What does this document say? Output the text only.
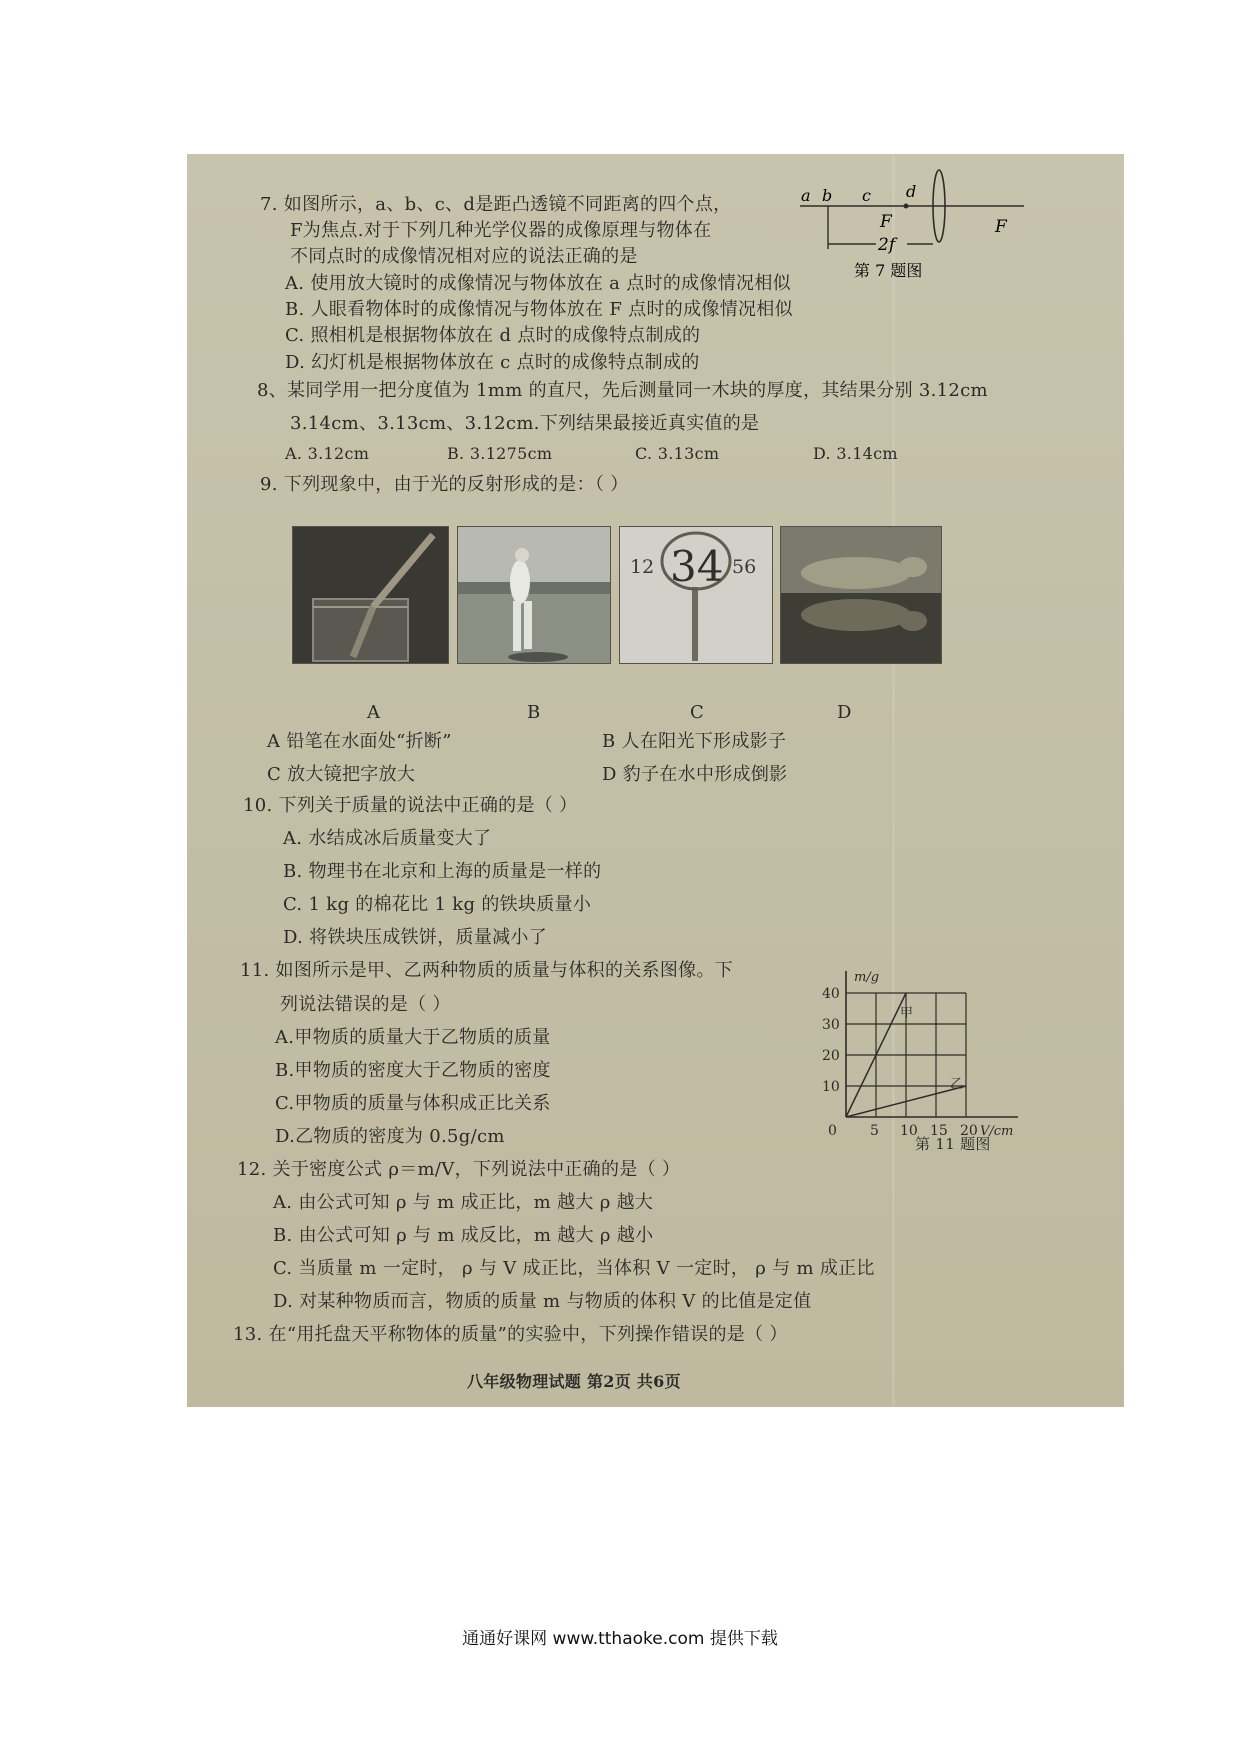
7. 如图所示，a、b、c、d是距凸透镜不同距离的四个点，
F为焦点.对于下列几种光学仪器的成像原理与物体在
不同点时的成像情况相对应的说法正确的是
A. 使用放大镜时的成像情况与物体放在 a 点时的成像情况相似
B. 人眼看物体时的成像情况与物体放在 F 点时的成像情况相似
C. 照相机是根据物体放在 d 点时的成像特点制成的
D. 幻灯机是根据物体放在 c 点时的成像特点制成的
a b c d
F	F
2f
第 7 题图
8、某同学用一把分度值为 1mm 的直尺，先后测量同一木块的厚度，其结果分别 3.12cm
3.14cm、3.13cm、3.12cm.下列结果最接近真实值的是
A. 3.12cm	B. 3.1275cm	C. 3.13cm	D. 3.14cm
9. 下列现象中，由于光的反射形成的是：（ ）
12 34 56
A	B	C	D
A 铅笔在水面处“折断”	B 人在阳光下形成影子
C 放大镜把字放大	D 豹子在水中形成倒影
10. 下列关于质量的说法中正确的是（ ）
A. 水结成冰后质量变大了
B. 物理书在北京和上海的质量是一样的
C. 1 kg 的棉花比 1 kg 的铁块质量小
D. 将铁块压成铁饼，质量减小了
11. 如图所示是甲、乙两种物质的质量与体积的关系图像。下
列说法错误的是（ ）
A.甲物质的质量大于乙物质的质量
B.甲物质的密度大于乙物质的密度
C.甲物质的质量与体积成正比关系
D.乙物质的密度为 0.5g/cm	0 5 10 15 20
10
20
30
40
V/cm
m/g
甲
乙
第 11 题图
12. 关于密度公式 ρ＝m/V，下列说法中正确的是（ ）
A. 由公式可知 ρ 与 m 成正比，m 越大 ρ 越大
B. 由公式可知 ρ 与 m 成反比，m 越大 ρ 越小
C. 当质量 m 一定时， ρ 与 V 成正比，当体积 V 一定时， ρ 与 m 成正比
D. 对某种物质而言，物质的质量 m 与物质的体积 V 的比值是定值
13. 在“用托盘天平称物体的质量”的实验中，下列操作错误的是（ ）
八年级物理试题 第2页 共6页
通通好课网 www.tthaoke.com 提供下载
